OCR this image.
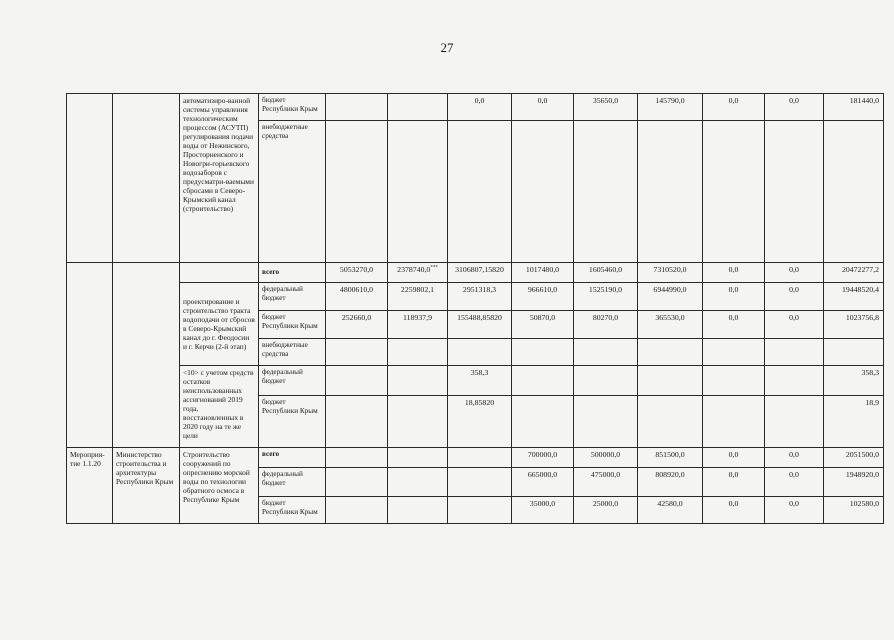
27
		автоматизиро-ванной системы управления технологическим процессом (АСУТП) регулирования подачи воды от Нежинского, Просторненского и Новогри-горьевского водозаборов с предусматри-ваемыми сбросами в Северо-Крымский канал (строительство)	бюджет Республики Крым			0,0	0,0	35650,0	145790,0	0,0	0,0	181440,0
			внебюджетные средства									
			всего	5053270,0	2378740,0***	3106807,15820	1017480,0	1605460,0	7310520,0	0,0	0,0	20472277,2
		проектирование и строительство тракта водоподачи от сбросов в Северо-Крымский канал до г. Феодосии и г. Керчи (2-й этап)	федеральный бюджет	4800610,0	2259802,1	2951318,3	966610,0	1525190,0	6944990,0	0,0	0,0	19448520,4
			бюджет Республики Крым	252660,0	118937,9	155488,85820	50870,0	80270,0	365530,0	0,0	0,0	1023756,8
			внебюджетные средства									
		<10> с учетом средств остатков неиспользованных ассигнований 2019 года, восстановленных в 2020 году на те же цели	федеральный бюджет			358,3						358,3
			бюджет Республики Крым			18,85820						18,9
Мероприя-тие 1.1.20	Министерство строительства и архитектуры Республики Крым	Строительство сооружений по опреснению морской воды по технологии обратного осмоса в Республике Крым	всего				700000,0	500000,0	851500,0	0,0	0,0	2051500,0
			федеральный бюджет				665000,0	475000,0	808920,0	0,0	0,0	1948920,0
			бюджет Республики Крым				35000,0	25000,0	42580,0	0,0	0,0	102580,0
